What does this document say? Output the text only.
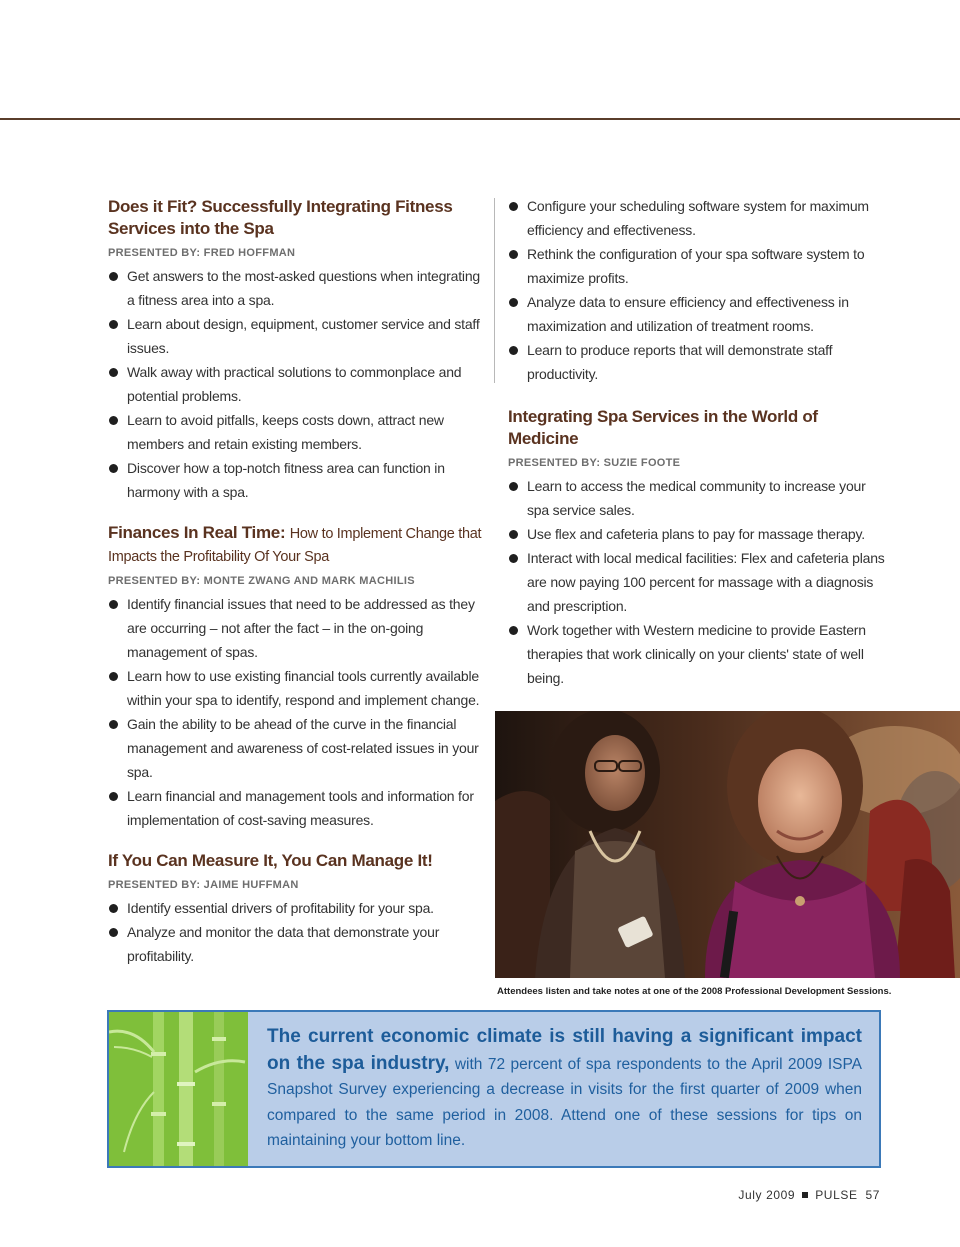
Does it Fit? Successfully Integrating Fitness Services into the Spa
PRESENTED BY: FRED HOFFMAN
Get answers to the most-asked questions when integrating a fitness area into a spa.
Learn about design, equipment, customer service and staff issues.
Walk away with practical solutions to commonplace and potential problems.
Learn to avoid pitfalls, keeps costs down, attract new members and retain existing members.
Discover how a top-notch fitness area can function in harmony with a spa.
Finances In Real Time: How to Implement Change that Impacts the Profitability Of Your Spa
PRESENTED BY: MONTE ZWANG AND MARK MACHILIS
Identify financial issues that need to be addressed as they are occurring – not after the fact – in the on-going management of spas.
Learn how to use existing financial tools currently available within your spa to identify, respond and implement change.
Gain the ability to be ahead of the curve in the financial management and awareness of cost-related issues in your spa.
Learn financial and management tools and information for implementation of cost-saving measures.
If You Can Measure It, You Can Manage It!
PRESENTED BY: JAIME HUFFMAN
Identify essential drivers of profitability for your spa.
Analyze and monitor the data that demonstrate your profitability.
Configure your scheduling software system for maximum efficiency and effectiveness.
Rethink the configuration of your spa software system to maximize profits.
Analyze data to ensure efficiency and effectiveness in maximization and utilization of treatment rooms.
Learn to produce reports that will demonstrate staff productivity.
Integrating Spa Services in the World of Medicine
PRESENTED BY: SUZIE FOOTE
Learn to access the medical community to increase your spa service sales.
Use flex and cafeteria plans to pay for massage therapy.
Interact with local medical facilities: Flex and cafeteria plans are now paying 100 percent for massage with a diagnosis and prescription.
Work together with Western medicine to provide Eastern therapies that work clinically on your clients' state of well being.
Attendees listen and take notes at one of the 2008 Professional Development Sessions.
The current economic climate is still having a significant impact on the spa industry, with 72 percent of spa respondents to the April 2009 ISPA Snapshot Survey experiencing a decrease in visits for the first quarter of 2009 when compared to the same period in 2008. Attend one of these sessions for tips on maintaining your bottom line.
July 2009 PULSE 57
